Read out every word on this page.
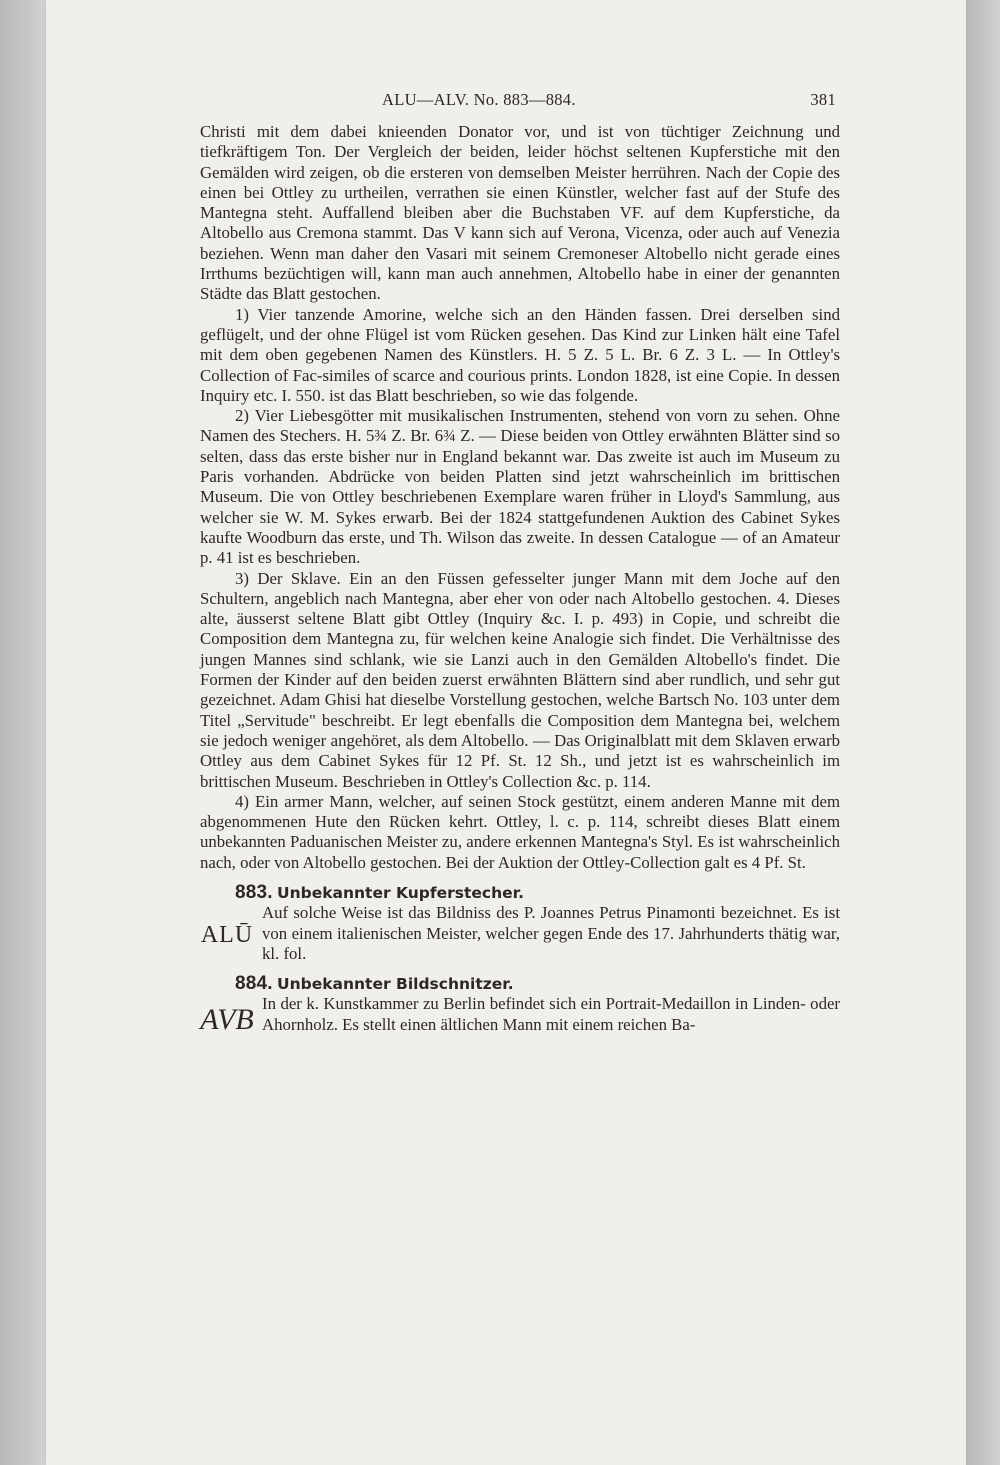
ALU—ALV. No. 883—884.	381

Christi mit dem dabei knieenden Donator vor, und ist von tüchtiger Zeichnung und tiefkräftigem Ton. Der Vergleich der beiden, leider höchst seltenen Kupferstiche mit den Gemälden wird zeigen, ob die ersteren von demselben Meister herrühren. Nach der Copie des einen bei Ottley zu urtheilen, verrathen sie einen Künstler, welcher fast auf der Stufe des Mantegna steht. Auffallend bleiben aber die Buchstaben VF. auf dem Kupferstiche, da Altobello aus Cremona stammt. Das V kann sich auf Verona, Vicenza, oder auch auf Venezia beziehen. Wenn man daher den Vasari mit seinem Cremoneser Altobello nicht gerade eines Irrthums bezüchtigen will, kann man auch annehmen, Altobello habe in einer der genannten Städte das Blatt gestochen.

1) Vier tanzende Amorine, welche sich an den Händen fassen. Drei derselben sind geflügelt, und der ohne Flügel ist vom Rücken gesehen. Das Kind zur Linken hält eine Tafel mit dem oben gegebenen Namen des Künstlers. H. 5 Z. 5 L. Br. 6 Z. 3 L. — In Ottley's Collection of Fac-similes of scarce and courious prints. London 1828, ist eine Copie. In dessen Inquiry etc. I. 550. ist das Blatt beschrieben, so wie das folgende.

2) Vier Liebesgötter mit musikalischen Instrumenten, stehend von vorn zu sehen. Ohne Namen des Stechers. H. 5¾ Z. Br. 6¾ Z. — Diese beiden von Ottley erwähnten Blätter sind so selten, dass das erste bisher nur in England bekannt war. Das zweite ist auch im Museum zu Paris vorhanden. Abdrücke von beiden Platten sind jetzt wahrscheinlich im brittischen Museum. Die von Ottley beschriebenen Exemplare waren früher in Lloyd's Sammlung, aus welcher sie W. M. Sykes erwarb. Bei der 1824 stattgefundenen Auktion des Cabinet Sykes kaufte Woodburn das erste, und Th. Wilson das zweite. In dessen Catalogue — of an Amateur p. 41 ist es beschrieben.

3) Der Sklave. Ein an den Füssen gefesselter junger Mann mit dem Joche auf den Schultern, angeblich nach Mantegna, aber eher von oder nach Altobello gestochen. 4. Dieses alte, äusserst seltene Blatt gibt Ottley (Inquiry &c. I. p. 493) in Copie, und schreibt die Composition dem Mantegna zu, für welchen keine Analogie sich findet. Die Verhältnisse des jungen Mannes sind schlank, wie sie Lanzi auch in den Gemälden Altobello's findet. Die Formen der Kinder auf den beiden zuerst erwähnten Blättern sind aber rundlich, und sehr gut gezeichnet. Adam Ghisi hat dieselbe Vorstellung gestochen, welche Bartsch No. 103 unter dem Titel „Servitude" beschreibt. Er legt ebenfalls die Composition dem Mantegna bei, welchem sie jedoch weniger angehöret, als dem Altobello. — Das Originalblatt mit dem Sklaven erwarb Ottley aus dem Cabinet Sykes für 12 Pf. St. 12 Sh., und jetzt ist es wahrscheinlich im brittischen Museum. Beschrieben in Ottley's Collection &c. p. 114.

4) Ein armer Mann, welcher, auf seinen Stock gestützt, einem anderen Manne mit dem abgenommenen Hute den Rücken kehrt. Ottley, l. c. p. 114, schreibt dieses Blatt einem unbekannten Paduanischen Meister zu, andere erkennen Mantegna's Styl. Es ist wahrscheinlich nach, oder von Altobello gestochen. Bei der Auktion der Ottley-Collection galt es 4 Pf. St.

883. Unbekannter Kupferstecher.

ALŪ

Auf solche Weise ist das Bildniss des P. Joannes Petrus Pinamonti bezeichnet. Es ist von einem italienischen Meister, welcher gegen Ende des 17. Jahrhunderts thätig war, kl. fol.

884. Unbekannter Bildschnitzer.

AVB In der k. Kunstkammer zu Berlin befindet sich ein Portrait-Medaillon in Linden- oder Ahornholz. Es stellt einen ältlichen Mann mit einem reichen Ba-
